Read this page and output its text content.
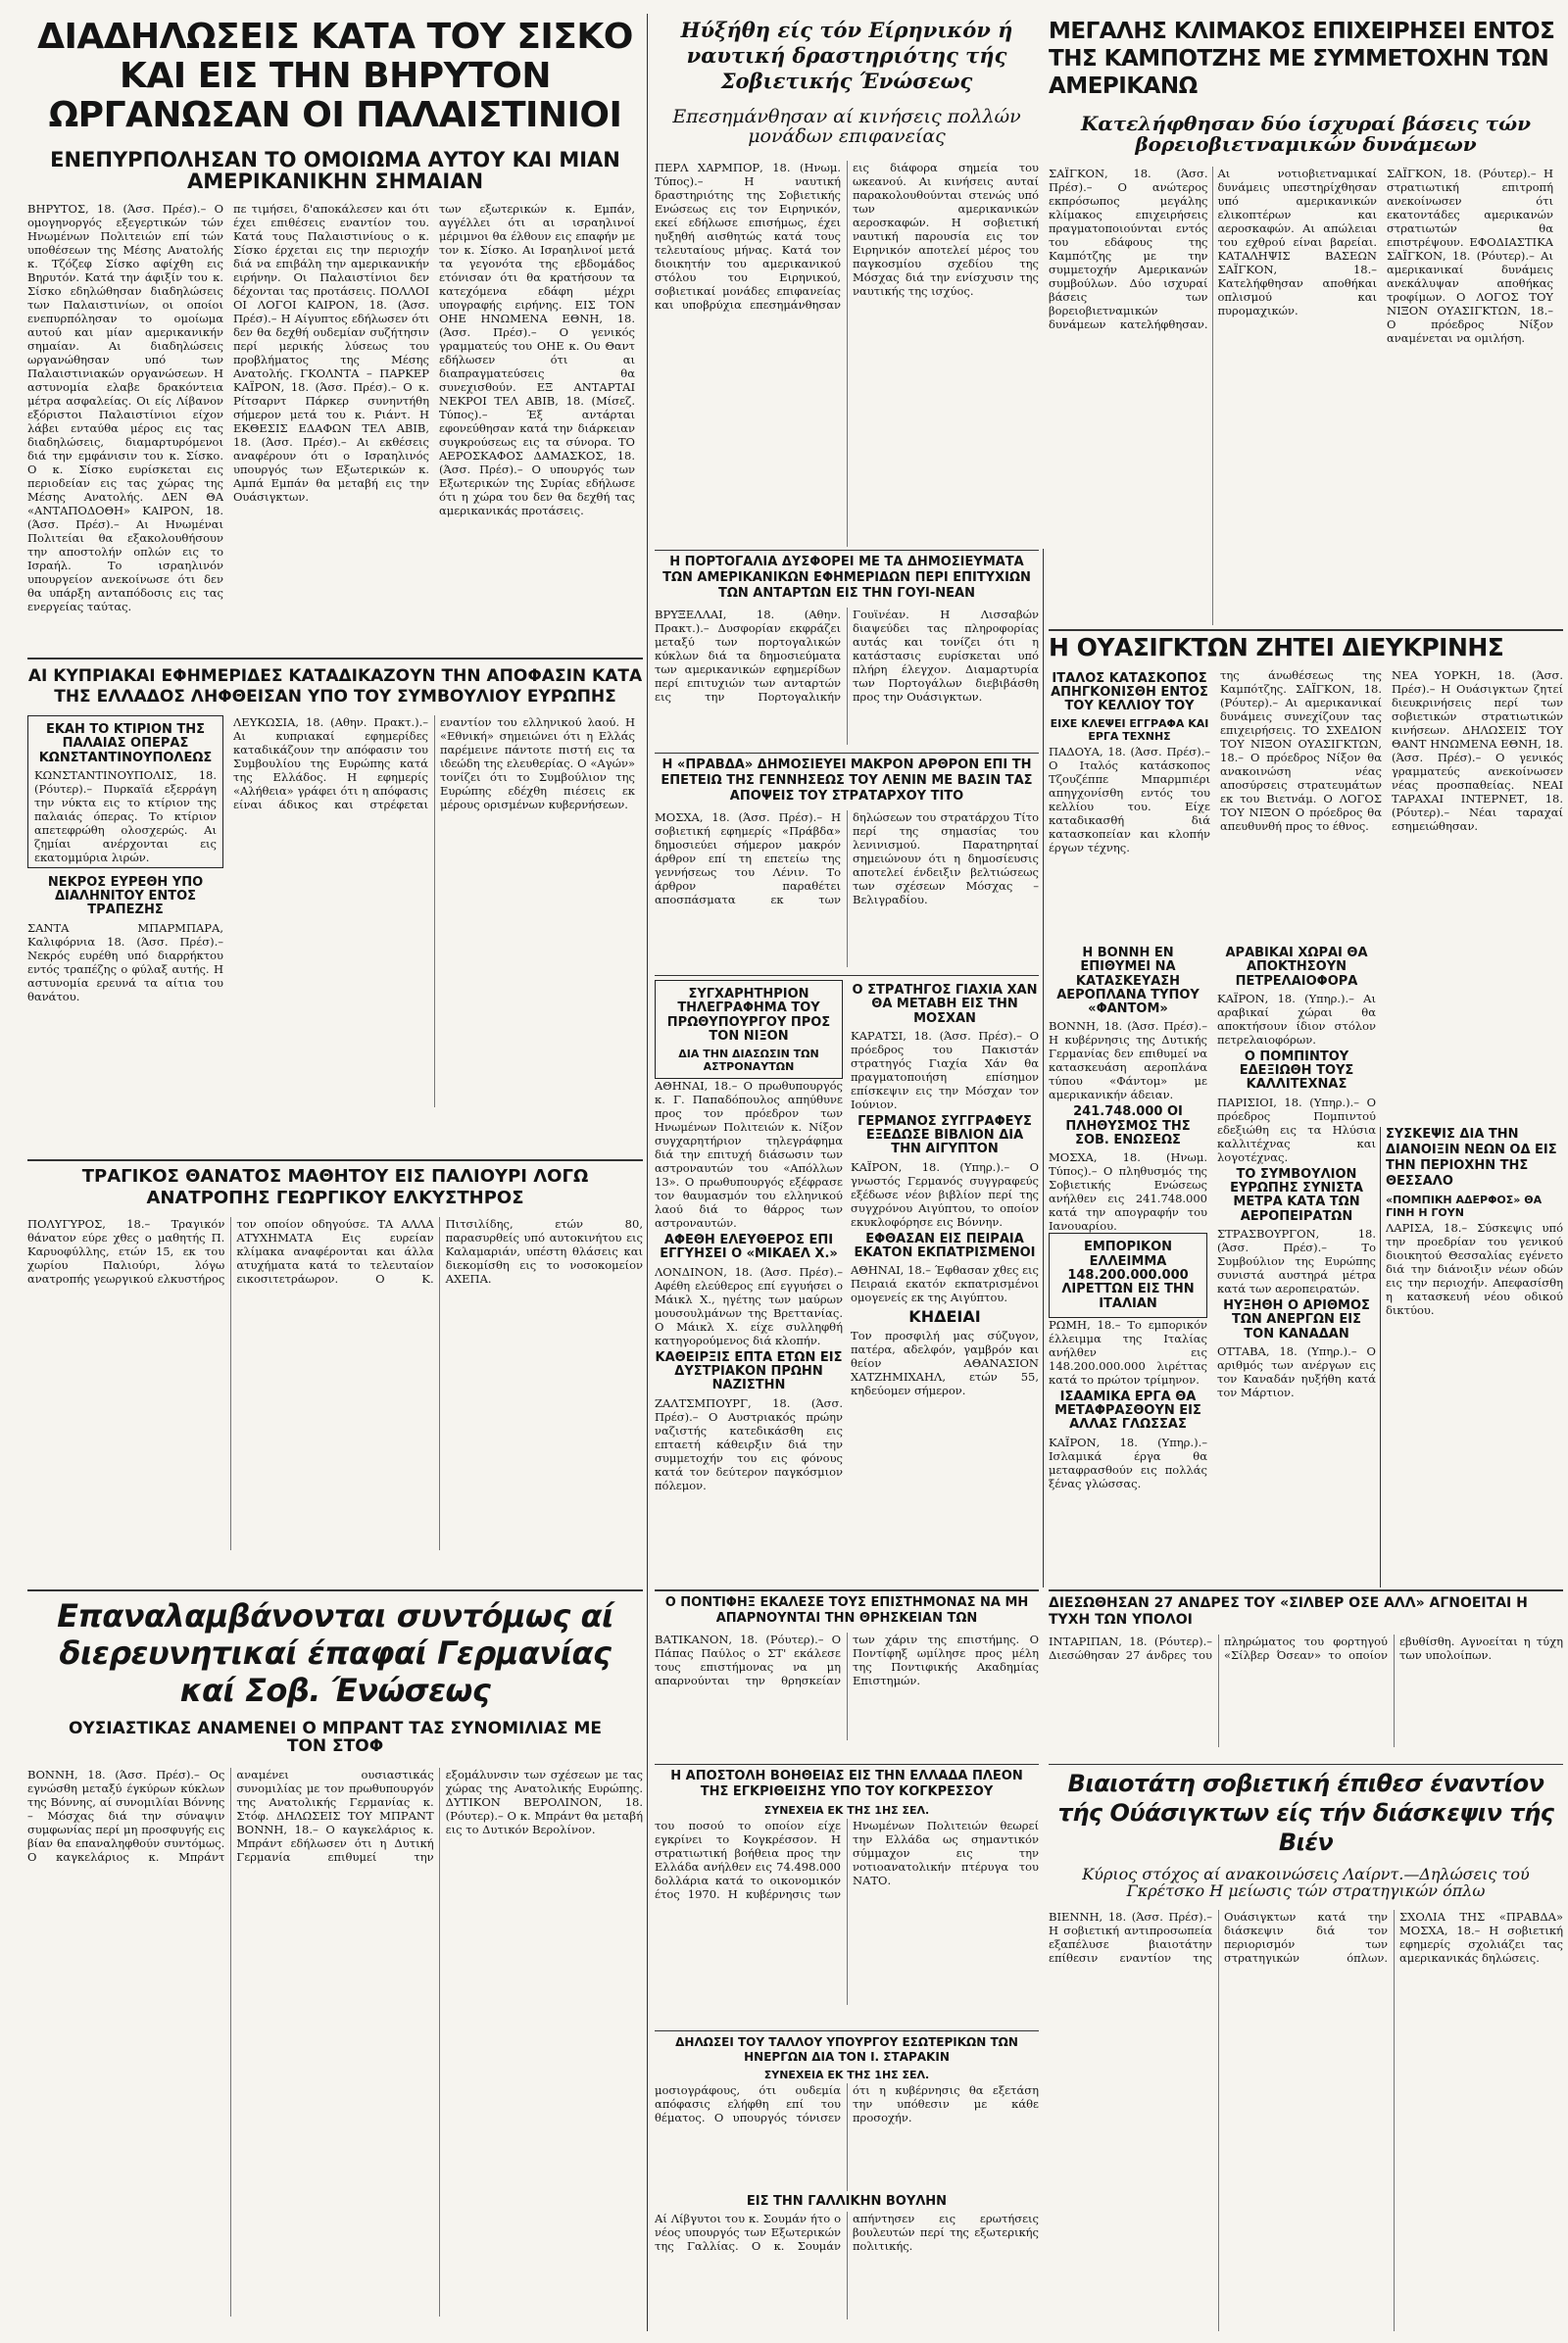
ΔΙΑΔΗΛΩΣΕΙΣ ΚΑΤΑ ΤΟΥ ΣΙΣΚΟ ΚΑΙ ΕΙΣ ΤΗΝ ΒΗΡΥΤΟΝ ΩΡΓΑΝΩΣΑΝ ΟΙ ΠΑΛΑΙΣΤΙΝΙΟΙ
ΕΝΕΠΥΡΠΟΛΗΣΑΝ ΤΟ ΟΜΟΙΩΜΑ ΑΥΤΟΥ ΚΑΙ ΜΙΑΝ ΑΜΕΡΙΚΑΝΙΚΗΝ ΣΗΜΑΙΑΝ

ΒΗΡΥΤΟΣ, 18. (Άσσ. Πρέσ).– Ο ομογηνοργός εξεγερτικών τών Ηνωμένων Πολιτειών επί τών υποθέσεων της Μέσης Ανατολής κ. Τζόζεφ Σίσκο αφίχθη εις Βηρυτόν. Κατά την άφιξίν του κ. Σίσκο εδηλώθησαν διαδηλώσεις των Παλαιστινίων, οι οποίοι ενεπυρπόλησαν το ομοίωμα αυτού και μίαν αμερικανικήν σημαίαν. Αι διαδηλώσεις ωργανώθησαν υπό των Παλαιστινιακών οργανώσεων. Η αστυνομία ελαβε δρακόντεια μέτρα ασφαλείας. Οι είς Λίβανον εξόριστοι Παλαιστίνιοι είχον λάβει ενταύθα μέρος εις τας διαδηλώσεις, διαμαρτυρόμενοι διά την εμφάνισιν του κ. Σίσκο. Ο κ. Σίσκο ευρίσκεται εις περιοδείαν εις τας χώρας της Μέσης Ανατολής. ΔΕΝ ΘΑ «ΑΝΤΑΠΟΔΟΘΗ» ΚΑΙΡΟΝ, 18. (Άσσ. Πρέσ).– Αι Ηνωμέναι Πολιτείαι θα εξακολουθήσουν την αποστολήν οπλών εις το Ισραήλ. Το ισραηλινόν υπουργείον ανεκοίνωσε ότι δεν θα υπάρξη ανταπόδοσις εις τας ενεργείας ταύτας.

πε τιμήσει, δ'αποκάλεσεν και ότι έχει επιθέσεις εναντίον του. Κατά τους Παλαιστινίους ο κ. Σίσκο έρχεται εις την περιοχήν διά να επιβάλη την αμερικανικήν ειρήνην. Οι Παλαιστίνιοι δεν δέχονται τας προτάσεις. ΠΟΛΛΟΙ ΟΙ ΛΟΓΟΙ ΚΑΙΡΟΝ, 18. (Άσσ. Πρέσ).– Η Αίγυπτος εδήλωσεν ότι δεν θα δεχθή ουδεμίαν συζήτησιν περί μερικής λύσεως του προβλήματος της Μέσης Ανατολής. ΓΚΟΛΝΤΑ – ΠΑΡΚΕΡ ΚΑΪΡΟΝ, 18. (Άσσ. Πρέσ).– Ο κ. Ρίτσαρντ Πάρκερ συνηντήθη σήμερον μετά του κ. Ριάντ. Η ΕΚΘΕΣΙΣ ΕΔΑΦΩΝ ΤΕΛ ΑΒΙΒ, 18. (Άσσ. Πρέσ).– Αι εκθέσεις αναφέρουν ότι ο Ισραηλινός υπουργός των Εξωτερικών κ. Αμπά Εμπάν θα μεταβή εις την Ουάσιγκτων.

των εξωτερικών κ. Εμπάν, αγγέλλει ότι αι ισραηλινοί μέριμνοι θα έλθουν εις επαφήν με τον κ. Σίσκο. Αι Ισραηλινοί μετά τα γεγονότα της εβδομάδος ετόνισαν ότι θα κρατήσουν τα κατεχόμενα εδάφη μέχρι υπογραφής ειρήνης. ΕΙΣ ΤΟΝ ΟΗΕ ΗΝΩΜΕΝΑ ΕΘΝΗ, 18. (Άσσ. Πρέσ).– Ο γενικός γραμματεύς του ΟΗΕ κ. Ου Θαντ εδήλωσεν ότι αι διαπραγματεύσεις θα συνεχισθούν. ΕΞ ΑΝΤΑΡΤΑΙ ΝΕΚΡΟΙ ΤΕΛ ΑΒΙΒ, 18. (Μίσεζ. Τύπος).– Έξ αντάρται εφονεύθησαν κατά την διάρκειαν συγκρούσεως εις τα σύνορα. ΤΟ ΑΕΡΟΣΚΑΦΟΣ ΔΑΜΑΣΚΟΣ, 18. (Άσσ. Πρέσ).– Ο υπουργός των Εξωτερικών της Συρίας εδήλωσε ότι η χώρα του δεν θα δεχθή τας αμερικανικάς προτάσεις.

ΑΙ ΚΥΠΡΙΑΚΑΙ ΕΦΗΜΕΡΙΔΕΣ ΚΑΤΑΔΙΚΑΖΟΥΝ ΤΗΝ ΑΠΟΦΑΣΙΝ ΚΑΤΑ ΤΗΣ ΕΛΛΑΔΟΣ ΛΗΦΘΕΙΣΑΝ ΥΠΟ ΤΟΥ ΣΥΜΒΟΥΛΙΟΥ ΕΥΡΩΠΗΣ
ΕΚΑΗ ΤΟ ΚΤΙΡΙΟΝ ΤΗΣ ΠΑΛΑΙΑΣ ΟΠΕΡΑΣ ΚΩΝΣΤΑΝΤΙΝΟΥΠΟΛΕΩΣ

ΚΩΝΣΤΑΝΤΙΝΟΥΠΟΛΙΣ, 18. (Ρόυτερ).– Πυρκαϊά εξερράγη την νύκτα εις το κτίριον της παλαιάς όπερας. Το κτίριον απετεφρώθη ολοσχερώς. Αι ζημίαι ανέρχονται εις εκατομμύρια λιρών.

ΝΕΚΡΟΣ ΕΥΡΕΘΗ ΥΠΟ ΔΙΑΛΗΝΙΤΟΥ ΕΝΤΟΣ ΤΡΑΠΕΖΗΣ

ΣΑΝΤΑ ΜΠΑΡΜΠΑΡΑ, Καλιφόρνια 18. (Άσσ. Πρέσ).– Νεκρός ευρέθη υπό διαρρήκτου εντός τραπέζης ο φύλαξ αυτής. Η αστυνομία ερευνά τα αίτια του θανάτου.

ΛΕΥΚΩΣΙΑ, 18. (Αθην. Πρακτ.).– Αι κυπριακαί εφημερίδες καταδικάζουν την απόφασιν του Συμβουλίου της Ευρώπης κατά της Ελλάδος. Η εφημερίς «Αλήθεια» γράφει ότι η απόφασις είναι άδικος και στρέφεται εναντίον του ελληνικού λαού. Η «Εθνική» σημειώνει ότι η Ελλάς παρέμεινε πάντοτε πιστή εις τα ιδεώδη της ελευθερίας. Ο «Αγών» τονίζει ότι το Συμβούλιον της Ευρώπης εδέχθη πιέσεις εκ μέρους ορισμένων κυβερνήσεων.

ΤΡΑΓΙΚΟΣ ΘΑΝΑΤΟΣ ΜΑΘΗΤΟΥ ΕΙΣ ΠΑΛΙΟΥΡΙ ΛΟΓΩ ΑΝΑΤΡΟΠΗΣ ΓΕΩΡΓΙΚΟΥ ΕΛΚΥΣΤΗΡΟΣ

ΠΟΛΥΓΥΡΟΣ, 18.– Τραγικόν θάνατον εύρε χθες ο μαθητής Π. Καρυοφύλλης, ετών 15, εκ του χωρίου Παλιούρι, λόγω ανατροπής γεωργικού ελκυστήρος τον οποίον οδηγούσε. ΤΑ ΑΛΛΑ ΑΤΥΧΗΜΑΤΑ Εις ευρείαν κλίμακα αναφέρονται και άλλα ατυχήματα κατά το τελευταίον εικοσιτετράωρον. Ο Κ. Πιτσιλίδης, ετών 80, παρασυρθείς υπό αυτοκινήτου εις Καλαμαριάν, υπέστη θλάσεις και διεκομίσθη εις το νοσοκομείον ΑΧΕΠΑ.

Επαναλαμβάνονται συντόμως αί διερευνητικαί έπαφαί Γερμανίας καί Σοβ. Ένώσεως
ΟΥΣΙΑΣΤΙΚΑΣ ΑΝΑΜΕΝΕΙ Ο ΜΠΡΑΝΤ ΤΑΣ ΣΥΝΟΜΙΛΙΑΣ ΜΕ ΤΟΝ ΣΤΟΦ

ΒΟΝΝΗ, 18. (Άσσ. Πρέσ).– Ος εγνώσθη μεταξύ έγκύρων κύκλων της Βόννης, αί συνομιλίαι Βόννης – Μόσχας διά την σύναψιν συμφωνίας περί μη προσφυγής εις βίαν θα επαναληφθούν συντόμως. Ο καγκελάριος κ. Μπράντ αναμένει ουσιαστικάς συνομιλίας με τον πρωθυπουργόν της Ανατολικής Γερμανίας κ. Στόφ. ΔΗΛΩΣΕΙΣ ΤΟΥ ΜΠΡΑΝΤ ΒΟΝΝΗ, 18.– Ο καγκελάριος κ. Μπράντ εδήλωσεν ότι η Δυτική Γερμανία επιθυμεί την εξομάλυνσιν των σχέσεων με τας χώρας της Ανατολικής Ευρώπης. ΔΥΤΙΚΟΝ ΒΕΡΟΛΙΝΟΝ, 18. (Ρόυτερ).– Ο κ. Μπράντ θα μεταβή εις το Δυτικόν Βερολίνον.

Ηύξήθη είς τόν Είρηνικόν ή ναυτική δραστηριότης τής Σοβιετικής Ένώσεως
Επεσημάνθησαν αί κινήσεις πολλών μονάδων επιφανείας

ΠΕΡΛ ΧΑΡΜΠΟΡ, 18. (Ηνωμ. Τύπος).– Η ναυτική δραστηριότης της Σοβιετικής Ενώσεως εις τον Ειρηνικόν, εκεί εδήλωσε επισήμως, έχει ηυξηθή αισθητώς κατά τους τελευταίους μήνας. Κατά τον διοικητήν του αμερικανικού στόλου του Ειρηνικού, σοβιετικαί μονάδες επιφανείας και υποβρύχια επεσημάνθησαν εις διάφορα σημεία του ωκεανού. Αι κινήσεις αυταί παρακολουθούνται στενώς υπό των αμερικανικών αεροσκαφών. Η σοβιετική ναυτική παρουσία εις τον Ειρηνικόν αποτελεί μέρος του παγκοσμίου σχεδίου της Μόσχας διά την ενίσχυσιν της ναυτικής της ισχύος.

Η ΠΟΡΤΟΓΑΛΙΑ ΔΥΣΦΟΡΕΙ ΜΕ ΤΑ ΔΗΜΟΣΙΕΥΜΑΤΑ ΤΩΝ ΑΜΕΡΙΚΑΝΙΚΩΝ ΕΦΗΜΕΡΙΔΩΝ ΠΕΡΙ ΕΠΙΤΥΧΙΩΝ ΤΩΝ ΑΝΤΑΡΤΩΝ ΕΙΣ ΤΗΝ ΓΟΥΙ-ΝΕΑΝ

ΒΡΥΞΕΛΛΑΙ, 18. (Αθην. Πρακτ.).– Δυσφορίαν εκφράζει μεταξύ των πορτογαλικών κύκλων διά τα δημοσιεύματα των αμερικανικών εφημερίδων περί επιτυχιών των ανταρτών εις την Πορτογαλικήν Γουϊνέαν. Η Λισσαβών διαψεύδει τας πληροφορίας αυτάς και τονίζει ότι η κατάστασις ευρίσκεται υπό πλήρη έλεγχον. Διαμαρτυρία των Πορτογάλων διεβιβάσθη προς την Ουάσιγκτων.

Η «ΠΡΑΒΔΑ» ΔΗΜΟΣΙΕΥΕΙ ΜΑΚΡΟΝ ΑΡΘΡΟΝ ΕΠΙ ΤΗ ΕΠΕΤΕΙΩ ΤΗΣ ΓΕΝΝΗΣΕΩΣ ΤΟΥ ΛΕΝΙΝ ΜΕ ΒΑΣΙΝ ΤΑΣ ΑΠΟΨΕΙΣ ΤΟΥ ΣΤΡΑΤΑΡΧΟΥ ΤΙΤΟ

ΜΟΣΧΑ, 18. (Άσσ. Πρέσ).– Η σοβιετική εφημερίς «Πράβδα» δημοσιεύει σήμερον μακρόν άρθρον επί τη επετείω της γεννήσεως του Λένιν. Το άρθρον παραθέτει αποσπάσματα εκ των δηλώσεων του στρατάρχου Τίτο περί της σημασίας του λενινισμού. Παρατηρηταί σημειώνουν ότι η δημοσίευσις αποτελεί ένδειξιν βελτιώσεως των σχέσεων Μόσχας – Βελιγραδίου.

ΣΥΓΧΑΡΗΤΗΡΙΟΝ ΤΗΛΕΓΡΑΦΗΜΑ ΤΟΥ ΠΡΩΘΥΠΟΥΡΓΟΥ ΠΡΟΣ ΤΟΝ ΝΙΞΟΝ
ΔΙΑ ΤΗΝ ΔΙΑΣΩΣΙΝ ΤΩΝ ΑΣΤΡΟΝΑΥΤΩΝ

ΑΘΗΝΑΙ, 18.– Ο πρωθυπουργός κ. Γ. Παπαδόπουλος απηύθυνε προς τον πρόεδρον των Ηνωμένων Πολιτειών κ. Νίξον συγχαρητήριον τηλεγράφημα διά την επιτυχή διάσωσιν των αστροναυτών του «Απόλλων 13». Ο πρωθυπουργός εξέφρασε τον θαυμασμόν του ελληνικού λαού διά το θάρρος των αστροναυτών.

ΑΦΕΘΗ ΕΛΕΥΘΕΡΟΣ ΕΠΙ ΕΓΓΥΗΣΕΙ Ο «ΜΙΚΑΕΛ Χ.»

ΛΟΝΔΙΝΟΝ, 18. (Άσσ. Πρέσ).– Αφέθη ελεύθερος επί εγγυήσει ο Μάικλ Χ., ηγέτης των μαύρων μουσουλμάνων της Βρεττανίας. Ο Μάικλ Χ. είχε συλληφθή κατηγορούμενος διά κλοπήν.

ΚΑΘΕΙΡΞΙΣ ΕΠΤΑ ΕΤΩΝ ΕΙΣ ΔΥΣΤΡΙΑΚΟΝ ΠΡΩΗΝ ΝΑΖΙΣΤΗΝ

ΖΑΛΤΣΜΠΟΥΡΓ, 18. (Άσσ. Πρέσ).– Ο Αυστριακός πρώην ναζιστής κατεδικάσθη εις επταετή κάθειρξιν διά την συμμετοχήν του εις φόνους κατά τον δεύτερον παγκόσμιον πόλεμον.

Ο ΣΤΡΑΤΗΓΟΣ ΓΙΑΧΙΑ ΧΑΝ ΘΑ ΜΕΤΑΒΗ ΕΙΣ ΤΗΝ ΜΟΣΧΑΝ

ΚΑΡΑΤΣΙ, 18. (Άσσ. Πρέσ).– Ο πρόεδρος του Πακιστάν στρατηγός Γιαχία Χάν θα πραγματοποιήση επίσημον επίσκεψιν εις την Μόσχαν τον Ιούνιον.

ΓΕΡΜΑΝΟΣ ΣΥΓΓΡΑΦΕΥΣ ΕΞΕΔΩΣΕ ΒΙΒΛΙΟΝ ΔΙΑ ΤΗΝ ΑΙΓΥΠΤΟΝ

ΚΑΪΡΟΝ, 18. (Υπηρ.).– Ο γνωστός Γερμανός συγγραφεύς εξέδωσε νέον βιβλίον περί της συγχρόνου Αιγύπτου, το οποίον εκυκλοφόρησε εις Βόννην.

ΕΦΘΑΣΑΝ ΕΙΣ ΠΕΙΡΑΙΑ ΕΚΑΤΟΝ ΕΚΠΑΤΡΙΣΜΕΝΟΙ

ΑΘΗΝΑΙ, 18.– Έφθασαν χθες εις Πειραιά εκατόν εκπατρισμένοι ομογενείς εκ της Αιγύπτου.

ΚΗΔΕΙΑΙ

Τον προσφιλή μας σύζυγον, πατέρα, αδελφόν, γαμβρόν και θείον ΑΘΑΝΑΣΙΟΝ ΧΑΤΖΗΜΙΧΑΗΛ, ετών 55, κηδεύομεν σήμερον.

Ο ΠΟΝΤΙΦΗΞ ΕΚΑΛΕΣΕ ΤΟΥΣ ΕΠΙΣΤΗΜΟΝΑΣ ΝΑ ΜΗ ΑΠΑΡΝΟΥΝΤΑΙ ΤΗΝ ΘΡΗΣΚΕΙΑΝ ΤΩΝ

ΒΑΤΙΚΑΝΟΝ, 18. (Ρόυτερ).– Ο Πάπας Παύλος ο ΣΤ' εκάλεσε τους επιστήμονας να μη απαρνούνται την θρησκείαν των χάριν της επιστήμης. Ο Ποντίφηξ ωμίλησε προς μέλη της Ποντιφικής Ακαδημίας Επιστημών.

Η ΑΠΟΣΤΟΛΗ ΒΟΗΘΕΙΑΣ ΕΙΣ ΤΗΝ ΕΛΛΑΔΑ ΠΛΕΟΝ ΤΗΣ ΕΓΚΡΙΘΕΙΣΗΣ ΥΠΟ ΤΟΥ ΚΟΓΚΡΕΣΣΟΥ
ΣΥΝΕΧΕΙΑ ΕΚ ΤΗΣ 1ΗΣ ΣΕΛ.

του ποσού το οποίον είχε εγκρίνει το Κογκρέσσον. Η στρατιωτική βοήθεια προς την Ελλάδα ανήλθεν εις 74.498.000 δολλάρια κατά το οικονομικόν έτος 1970. Η κυβέρνησις των Ηνωμένων Πολιτειών θεωρεί την Ελλάδα ως σημαντικόν σύμμαχον εις την νοτιοανατολικήν πτέρυγα του ΝΑΤΟ.

ΔΗΛΩΣΕΙ ΤΟΥ ΤΑΛΛΟΥ ΥΠΟΥΡΓΟΥ ΕΣΩΤΕΡΙΚΩΝ ΤΩΝ ΗΝΕΡΓΩΝ ΔΙΑ ΤΟΝ Ι. ΣΤΑΡΑΚΙΝ
ΣΥΝΕΧΕΙΑ ΕΚ ΤΗΣ 1ΗΣ ΣΕΛ.

μοσιογράφους, ότι ουδεμία απόφασις ελήφθη επί του θέματος. Ο υπουργός τόνισεν ότι η κυβέρνησις θα εξετάση την υπόθεσιν με κάθε προσοχήν.

ΕΙΣ ΤΗΝ ΓΑΛΛΙΚΗΝ ΒΟΥΛΗΝ

Αί Λίβγυτοι του κ. Σουμάν ήτο ο νέος υπουργός των Εξωτερικών της Γαλλίας. Ο κ. Σουμάν απήντησεν εις ερωτήσεις βουλευτών περί της εξωτερικής πολιτικής.

ΜΕΓΑΛΗΣ ΚΛΙΜΑΚΟΣ ΕΠΙΧΕΙΡΗΣΕΙ ΕΝΤΟΣ ΤΗΣ ΚΑΜΠΟΤΖΗΣ ΜΕ ΣΥΜΜΕΤΟΧΗΝ ΤΩΝ ΑΜΕΡΙΚΑΝΩ
Κατελήφθησαν δύο ίσχυραί βάσεις τών βορειοβιετναμικών δυνάμεων

ΣΑΪΓΚΟΝ, 18. (Άσσ. Πρέσ).– Ο ανώτερος εκπρόσωπος μεγάλης κλίμακος επιχειρήσεις πραγματοποιούνται εντός του εδάφους της Καμπότζης με την συμμετοχήν Αμερικανών συμβούλων. Δύο ισχυραί βάσεις των βορειοβιετναμικών δυνάμεων κατελήφθησαν. Αι νοτιοβιετναμικαί δυνάμεις υπεστηρίχθησαν υπό αμερικανικών ελικοπτέρων και αεροσκαφών. Αι απώλειαι του εχθρού είναι βαρείαι. ΚΑΤΑΛΗΨΙΣ ΒΑΣΕΩΝ ΣΑΪΓΚΟΝ, 18.– Κατελήφθησαν αποθήκαι οπλισμού και πυρομαχικών.

ΣΑΪΓΚΟΝ, 18. (Ρόυτερ).– Η στρατιωτική επιτροπή ανεκοίνωσεν ότι εκατοντάδες αμερικανών στρατιωτών θα επιστρέψουν. ΕΦΟΔΙΑΣΤΙΚΑ ΣΑΪΓΚΟΝ, 18. (Ρόυτερ).– Αι αμερικανικαί δυνάμεις ανεκάλυψαν αποθήκας τροφίμων. Ο ΛΟΓΟΣ ΤΟΥ ΝΙΞΟΝ ΟΥΑΣΙΓΚΤΩΝ, 18.– Ο πρόεδρος Νίξον αναμένεται να ομιλήση.

Η ΟΥΑΣΙΓΚΤΩΝ ΖΗΤΕΙ ΔΙΕΥΚΡΙΝΗΣ
ΙΤΑΛΟΣ ΚΑΤΑΣΚΟΠΟΣ ΑΠΗΓΚΟΝΙΣΘΗ ΕΝΤΟΣ ΤΟΥ ΚΕΛΛΙΟΥ ΤΟΥ
ΕΙΧΕ ΚΛΕΨΕΙ ΕΓΓΡΑΦΑ ΚΑΙ ΕΡΓΑ ΤΕΧΝΗΣ

ΠΑΔΟΥΑ, 18. (Άσσ. Πρέσ).– Ο Ιταλός κατάσκοπος Τζουζέππε Μπαρμπιέρι απηγχονίσθη εντός του κελλίου του. Είχε καταδικασθή διά κατασκοπείαν και κλοπήν έργων τέχνης.

της άνωθέσεως της Καμπότζης. ΣΑΪΓΚΟΝ, 18. (Ρόυτερ).– Αι αμερικανικαί δυνάμεις συνεχίζουν τας επιχειρήσεις. ΤΟ ΣΧΕΔΙΟΝ ΤΟΥ ΝΙΞΟΝ ΟΥΑΣΙΓΚΤΩΝ, 18.– Ο πρόεδρος Νίξον θα ανακοινώση νέας αποσύρσεις στρατευμάτων εκ του Βιετνάμ. Ο ΛΟΓΟΣ ΤΟΥ ΝΙΞΟΝ Ο πρόεδρος θα απευθυνθή προς το έθνος.

ΝΕΑ ΥΟΡΚΗ, 18. (Άσσ. Πρέσ).– Η Ουάσιγκτων ζητεί διευκρινήσεις περί των σοβιετικών στρατιωτικών κινήσεων. ΔΗΛΩΣΕΙΣ ΤΟΥ ΘΑΝΤ ΗΝΩΜΕΝΑ ΕΘΝΗ, 18. (Άσσ. Πρέσ).– Ο γενικός γραμματεύς ανεκοίνωσεν νέας προσπαθείας. ΝΕΑΙ ΤΑΡΑΧΑΙ ΙΝΤΕΡΝΕΤ, 18. (Ρόυτερ).– Νέαι ταραχαί εσημειώθησαν.

Η ΒΟΝΝΗ ΕΝ ΕΠΙΘΥΜΕΙ ΝΑ ΚΑΤΑΣΚΕΥΑΣΗ ΑΕΡΟΠΛΑΝΑ ΤΥΠΟΥ «ΦΑΝΤΟΜ»

ΒΟΝΝΗ, 18. (Άσσ. Πρέσ).– Η κυβέρνησις της Δυτικής Γερμανίας δεν επιθυμεί να κατασκευάση αεροπλάνα τύπου «Φάντομ» με αμερικανικήν άδειαν.

241.748.000 ΟΙ ΠΛΗΘΥΣΜΟΣ ΤΗΣ ΣΟΒ. ΕΝΩΣΕΩΣ

ΜΟΣΧΑ, 18. (Ηνωμ. Τύπος).– Ο πληθυσμός της Σοβιετικής Ενώσεως ανήλθεν εις 241.748.000 κατά την απογραφήν του Ιανουαρίου.

ΕΜΠΟΡΙΚΟΝ ΕΛΛΕΙΜΜΑ 148.200.000.000 ΛΙΡΕΤΤΩΝ ΕΙΣ ΤΗΝ ΙΤΑΛΙΑΝ

ΡΩΜΗ, 18.– Το εμπορικόν έλλειμμα της Ιταλίας ανήλθεν εις 148.200.000.000 λιρέττας κατά το πρώτον τρίμηνον.

ΙΣΑΑΜΙΚΑ ΕΡΓΑ ΘΑ ΜΕΤΑΦΡΑΣΘΟΥΝ ΕΙΣ ΑΛΛΑΣ ΓΛΩΣΣΑΣ

ΚΑΪΡΟΝ, 18. (Υπηρ.).– Ισλαμικά έργα θα μεταφρασθούν εις πολλάς ξένας γλώσσας.

ΑΡΑΒΙΚΑΙ ΧΩΡΑΙ ΘΑ ΑΠΟΚΤΗΣΟΥΝ ΠΕΤΡΕΛΑΙΟΦΟΡΑ

ΚΑΪΡΟΝ, 18. (Υπηρ.).– Αι αραβικαί χώραι θα αποκτήσουν ίδιον στόλον πετρελαιοφόρων.

Ο ΠΟΜΠΙΝΤΟΥ ΕΔΕΞΙΩΘΗ ΤΟΥΣ ΚΑΛΛΙΤΕΧΝΑΣ

ΠΑΡΙΣΙΟΙ, 18. (Υπηρ.).– Ο πρόεδρος Πομπιντού εδεξιώθη εις τα Ηλύσια καλλιτέχνας και λογοτέχνας.

ΤΟ ΣΥΜΒΟΥΛΙΟΝ ΕΥΡΩΠΗΣ ΣΥΝΙΣΤΑ ΜΕΤΡΑ ΚΑΤΑ ΤΩΝ ΑΕΡΟΠΕΙΡΑΤΩΝ

ΣΤΡΑΣΒΟΥΡΓΟΝ, 18. (Άσσ. Πρέσ).– Το Συμβούλιον της Ευρώπης συνιστά αυστηρά μέτρα κατά των αεροπειρατών.

ΗΥΞΗΘΗ Ο ΑΡΙΘΜΟΣ ΤΩΝ ΑΝΕΡΓΩΝ ΕΙΣ ΤΟΝ ΚΑΝΑΔΑΝ

ΟΤΤΑΒΑ, 18. (Υπηρ.).– Ο αριθμός των ανέργων εις τον Καναδάν ηυξήθη κατά τον Μάρτιον.

ΣΥΣΚΕΨΙΣ ΔΙΑ ΤΗΝ ΔΙΑΝΟΙΞΙΝ ΝΕΩΝ ΟΔ ΕΙΣ ΤΗΝ ΠΕΡΙΟΧΗΝ ΤΗΣ ΘΕΣΣΑΛΟ
«ΠΟΜΠΙΚΗ ΑΔΕΡΦΟΣ» ΘΑ ΓΙΝΗ Η ΓΟΥΝ

ΛΑΡΙΣΑ, 18.– Σύσκεψις υπό την προεδρίαν του γενικού διοικητού Θεσσαλίας εγένετο διά την διάνοιξιν νέων οδών εις την περιοχήν. Απεφασίσθη η κατασκευή νέου οδικού δικτύου.

ΔΙΕΣΩΘΗΣΑΝ 27 ΑΝΔΡΕΣ ΤΟΥ «ΣΙΛΒΕΡ ΟΣΕ ΑΛΛ» ΑΓΝΟΕΙΤΑΙ Η ΤΥΧΗ ΤΩΝ ΥΠΟΛΟΙ

ΙΝΤΑΡΙΠΑΝ, 18. (Ρόυτερ).– Διεσώθησαν 27 άνδρες του πληρώματος του φορτηγού «Σίλβερ Όσεαν» το οποίον εβυθίσθη. Αγνοείται η τύχη των υπολοίπων.

Βιαιοτάτη σοβιετική έπιθεσ έναντίον τής Ούάσιγκτων είς τήν διάσκεψιν τής Βιέν
Κύριος στόχος αί ανακοινώσεις Λαίρντ.—Δηλώσεις τού Γκρέτσκο Η μείωσις τών στρατηγικών όπλω

ΒΙΕΝΝΗ, 18. (Άσσ. Πρέσ).– Η σοβιετική αντιπροσωπεία εξαπέλυσε βιαιοτάτην επίθεσιν εναντίον της Ουάσιγκτων κατά την διάσκεψιν διά τον περιορισμόν των στρατηγικών όπλων. ΣΧΟΛΙΑ ΤΗΣ «ΠΡΑΒΔΑ» ΜΟΣΧΑ, 18.– Η σοβιετική εφημερίς σχολιάζει τας αμερικανικάς δηλώσεις.
